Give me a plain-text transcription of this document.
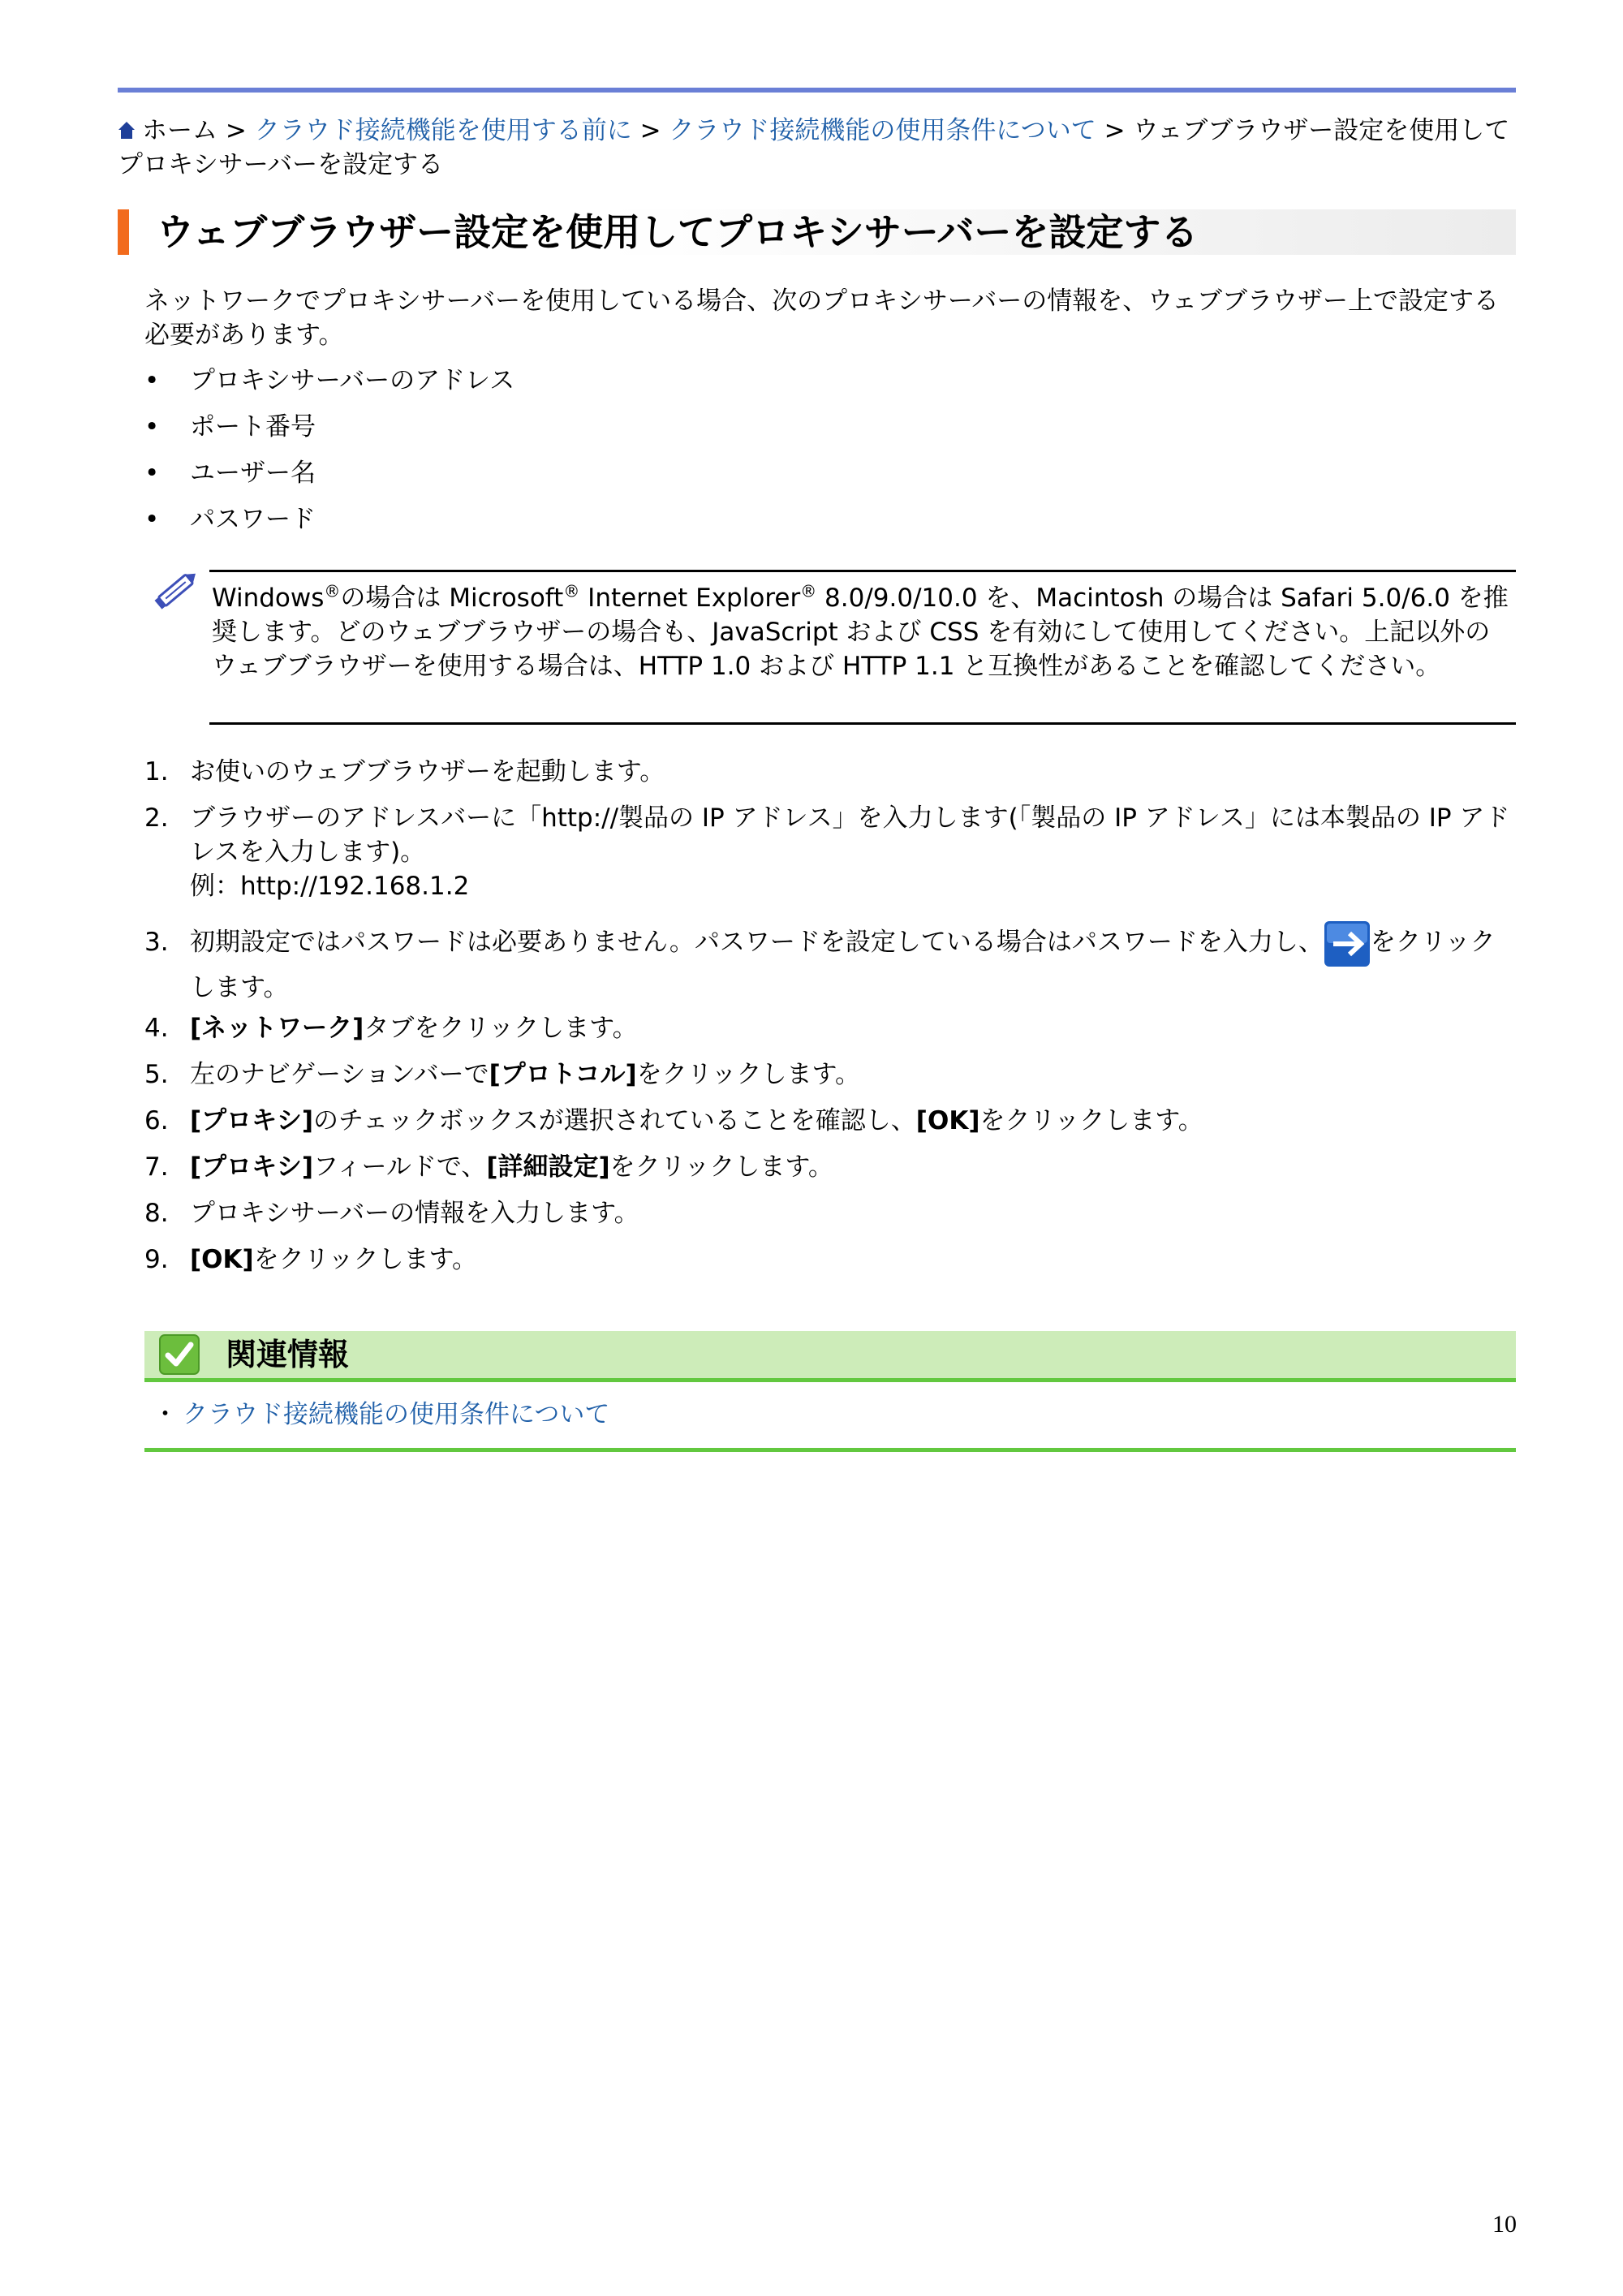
ホーム > クラウド接続機能を使用する前に > クラウド接続機能の使用条件について > ウェブブラウザー設定を使用してプロキシサーバーを設定する
ウェブブラウザー設定を使用してプロキシサーバーを設定する
ネットワークでプロキシサーバーを使用している場合、次のプロキシサーバーの情報を、ウェブブラウザー上で設定する必要があります。
• プロキシサーバーのアドレス
• ポート番号
• ユーザー名
• パスワード
Windows®の場合は Microsoft® Internet Explorer® 8.0/9.0/10.0 を、Macintosh の場合は Safari 5.0/6.0 を推奨します。どのウェブブラウザーの場合も、JavaScript および CSS を有効にして使用してください。上記以外のウェブブラウザーを使用する場合は、HTTP 1.0 および HTTP 1.1 と互換性があることを確認してください。
1. お使いのウェブブラウザーを起動します。
2. ブラウザーのアドレスバーに「http://製品の IP アドレス」を入力します(「製品の IP アドレス」には本製品の IP アドレスを入力します)。
例：http://192.168.1.2
3. 初期設定ではパスワードは必要ありません。パスワードを設定している場合はパスワードを入力し、 をクリックします。
4. [ネットワーク]タブをクリックします。
5. 左のナビゲーションバーで[プロトコル]をクリックします。
6. [プロキシ]のチェックボックスが選択されていることを確認し、[OK]をクリックします。
7. [プロキシ]フィールドで、[詳細設定]をクリックします。
8. プロキシサーバーの情報を入力します。
9. [OK]をクリックします。
関連情報
・ クラウド接続機能の使用条件について
10
